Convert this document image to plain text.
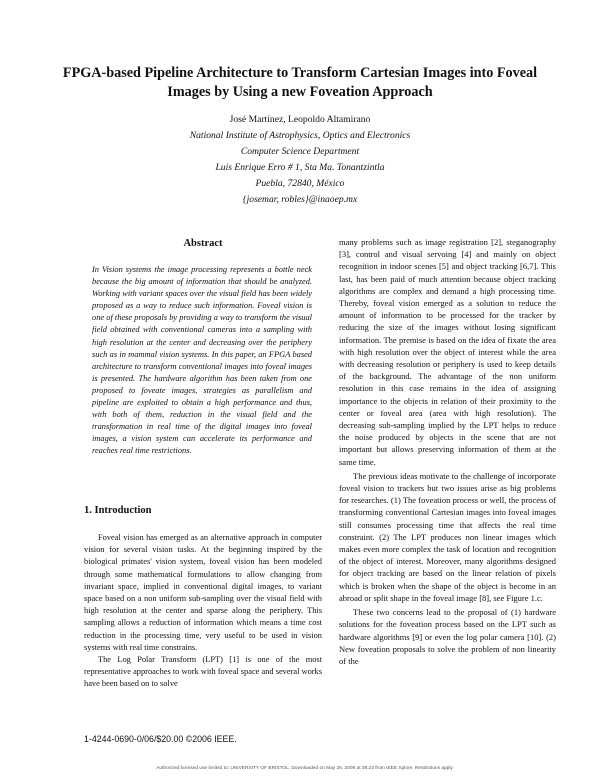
FPGA-based Pipeline Architecture to Transform Cartesian Images into Foveal Images by Using a new Foveation Approach
José Martínez, Leopoldo Altamirano
National Institute of Astrophysics, Optics and Electronics
Computer Science Department
Luis Enrique Erro # 1, Sta Ma. Tonantzintla
Puebla, 72840, México
{josemar, robles}@inaoep.mx
Abstract
In Vision systems the image processing represents a bottle neck because the big amount of information that should be analyzed. Working with variant spaces over the visual field has been widely proposed as a way to reduce such information. Foveal vision is one of these proposals by providing a way to transform the visual field obtained with conventional cameras into a sampling with high resolution at the center and decreasing over the periphery such as in mammal vision systems. In this paper, an FPGA based architecture to transform conventional images into foveal images is presented. The hardware algorithm has been taken from one proposed to foveate images, strategies as parallelism and pipeline are exploited to obtain a high performance and thus, with both of them, reduction in the visual field and the transformation in real time of the digital images into foveal images, a vision system can accelerate its performance and reaches real time restrictions.
1. Introduction

Foveal vision has emerged as an alternative approach in computer vision for several vision tasks. At the beginning inspired by the biological primates' vision system, foveal vision has been modeled through some mathematical formulations to allow changing from invariant space, implied in conventional digital images, to variant space based on a non uniform sub-sampling over the visual field with high resolution at the center and sparse along the periphery. This sampling allows a reduction of information which means a time cost reduction in the processing time, very useful to be used in vision systems with real time constrains.

The Log Polar Transform (LPT) [1] is one of the most representative approaches to work with foveal space and several works have been based on to solve

many problems such as image registration [2], steganography [3], control and visual servoing [4] and mainly on object recognition in indoor scenes [5] and object tracking [6,7]. This last, has been paid of much attention because object tracking algorithms are complex and demand a high processing time. Thereby, foveal vision emerged as a solution to reduce the amount of information to be processed for the tracker by reducing the size of the images without losing significant information. The premise is based on the idea of fixate the area with high resolution over the object of interest while the area with decreasing resolution or periphery is used to keep details of the background. The advantage of the non uniform resolution in this case remains in the idea of assigning importance to the objects in relation of their proximity to the center or foveal area (area with high resolution). The decreasing sub-sampling implied by the LPT helps to reduce the noise produced by objects in the scene that are not important but allows preserving information of them at the same time.

The previous ideas motivate to the challenge of incorporate foveal vision to trackers but two issues arise as big problems for researches. (1) The foveation process or well, the process of transforming conventional Cartesian images into foveal images still consumes processing time that affects the real time constraint. (2) The LPT produces non linear images which makes even more complex the task of location and recognition of the object of interest. Moreover, many algorithms designed for object tracking are based on the linear relation of pixels which is broken when the shape of the object is become in an abroad or split shape in the foveal image [8], see Figure 1.c.

These two concerns lead to the proposal of (1) hardware solutions for the foveation process based on the LPT such as hardware algorithms [9] or even the log polar camera [10]. (2) New foveation proposals to solve the problem of non linearity of the

1-4244-0690-0/06/$20.00 ©2006 IEEE.
Authorized licensed use limited to: UNIVERSITY OF BRISTOL. Downloaded on May 25, 2009 at 08:23 from IEEE Xplore. Restrictions apply.
